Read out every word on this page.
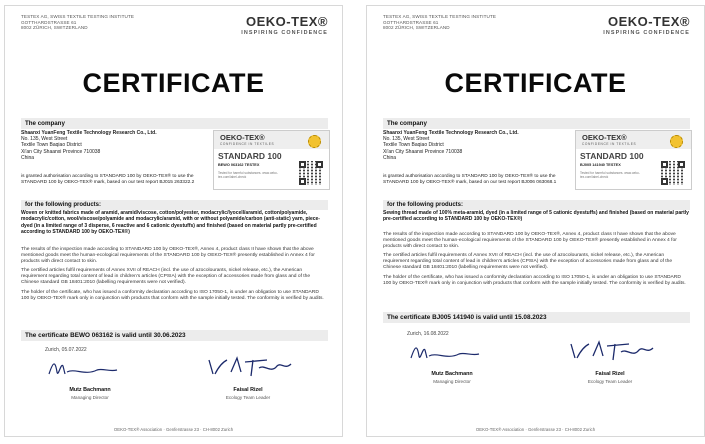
TESTEX AG, SWISS TEXTILE TESTING INSTITUTE
GOTTHARDSTRASSE 61
8002 ZÜRICH, SWITZERLAND	OEKO-TEX®
INSPIRING CONFIDENCE
CERTIFICATE
The company
Shaanxi YuanFeng Textile Technology Research Co., Ltd.
No. 135, West Street
Textile Town Baqiao District
Xi'an City Shaanxi Province 710038
China
OEKO-TEX®
CONFIDENCE IN TEXTILES
STANDARD 100
BEWO 063162 TESTEX
Tested for harmful substances. www.oeko-tex.com/label-check
is granted authorisation according to STANDARD 100 by OEKO-TEX® to use the STANDARD 100 by OEKO-TEX® mark, based on our test report BJ015 263322.2
for the following products:
Woven or knitted fabrics made of aramid, aramid/viscose, cotton/polyester, modacrylic/lyocell/aramid, cotton/polyamide, modacrylic/cotton, wool/viscose/polyamide and modacrylic/aramid, with or without polyamide/carbon (anti-static) yarn, piece-dyed (in a limited range of 3 disperse, 6 reactive and 6 cationic dyestuffs) and finished (based on material partly pre-certified according to STANDARD 100 by OEKO-TEX®)

The results of the inspection made according to STANDARD 100 by OEKO-TEX®, Annex 4, product class II have shown that the above mentioned goods meet the human-ecological requirements of the STANDARD 100 by OEKO-TEX® presently established in Annex 4 for products with direct contact to skin.

The certified articles fulfil requirements of Annex XVII of REACH (incl. the use of azocolourants, nickel release, etc.), the American requirement regarding total content of lead in children's articles (CPSIA) with the exception of accessories made from glass and of the Chinese standard GB 18401:2010 (labelling requirements were not verified).

The holder of the certificate, who has issued a conformity declaration according to ISO 17050-1, is under an obligation to use STANDARD 100 by OEKO-TEX® mark only in conjunction with products that conform with the sample initially tested. The conformity is verified by audits.

The certificate BEWO 063162 is valid until 30.06.2023
Zurich, 05.07.2022
Mutz Bachmann
Managing Director
Faisal Rizel
Ecology Team Leader
OEKO-TEX® Association · Genferstrasse 23 · CH-8002 Zurich
TESTEX AG, SWISS TEXTILE TESTING INSTITUTE
GOTTHARDSTRASSE 61
8002 ZÜRICH, SWITZERLAND	OEKO-TEX®
INSPIRING CONFIDENCE
CERTIFICATE
The company
Shaanxi YuanFeng Textile Technology Research Co., Ltd.
No. 135, West Street
Textile Town Baqiao District
Xi'an City Shaanxi Province 710038
China
OEKO-TEX®
CONFIDENCE IN TEXTILES
STANDARD 100
BJ005 141940 TESTEX
Tested for harmful substances. www.oeko-tex.com/label-check
is granted authorisation according to STANDARD 100 by OEKO-TEX® to use the STANDARD 100 by OEKO-TEX® mark, based on our test report BJ006 063068.1
for the following products:
Sewing thread made of 100% meta-aramid, dyed (in a limited range of 5 cationic dyestuffs) and finished (based on material partly pre-certified according to STANDARD 100 by OEKO-TEX®)

The results of the inspection made according to STANDARD 100 by OEKO-TEX®, Annex 4, product class II have shown that the above mentioned goods meet the human-ecological requirements of the STANDARD 100 by OEKO-TEX® presently established in Annex 4 for products with direct contact to skin.

The certified articles fulfil requirements of Annex XVII of REACH (incl. the use of azocolourants, nickel release, etc.), the American requirement regarding total content of lead in children's articles (CPSIA) with the exception of accessories made from glass and of the Chinese standard GB 18401:2010 (labelling requirements were not verified).

The holder of the certificate, who has issued a conformity declaration according to ISO 17050-1, is under an obligation to use STANDARD 100 by OEKO-TEX® mark only in conjunction with products that conform with the sample initially tested. The conformity is verified by audits.

The certificate BJ005 141940 is valid until 15.08.2023
Zurich, 16.08.2022
Mutz Bachmann
Managing Director
Faisal Rizel
Ecology Team Leader
OEKO-TEX® Association · Genferstrasse 23 · CH-8002 Zurich
